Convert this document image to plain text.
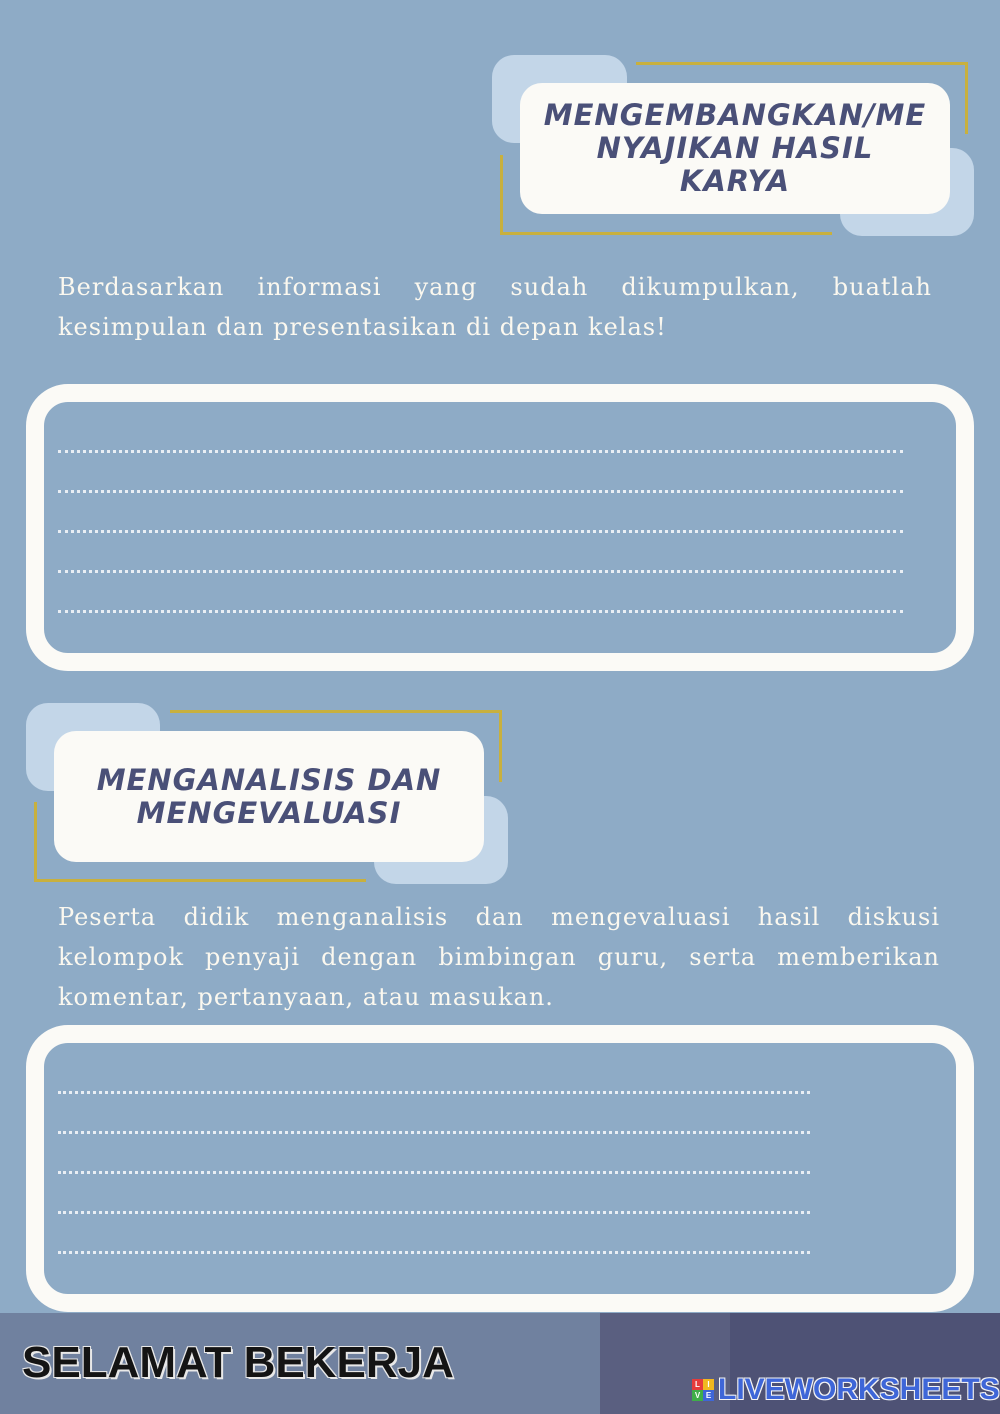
MENGEMBANGKAN/ME
NYAJIKAN HASIL
KARYA
Berdasarkan informasi yang sudah dikumpulkan, buatlah kesimpulan dan presentasikan di depan kelas!
MENGANALISIS DAN
MENGEVALUASI
Peserta didik menganalisis dan mengevaluasi hasil diskusi kelompok penyaji dengan bimbingan guru, serta memberikan komentar, pertanyaan, atau masukan.
SELAMAT BEKERJA	L I
V E LIVEWORKSHEETS
